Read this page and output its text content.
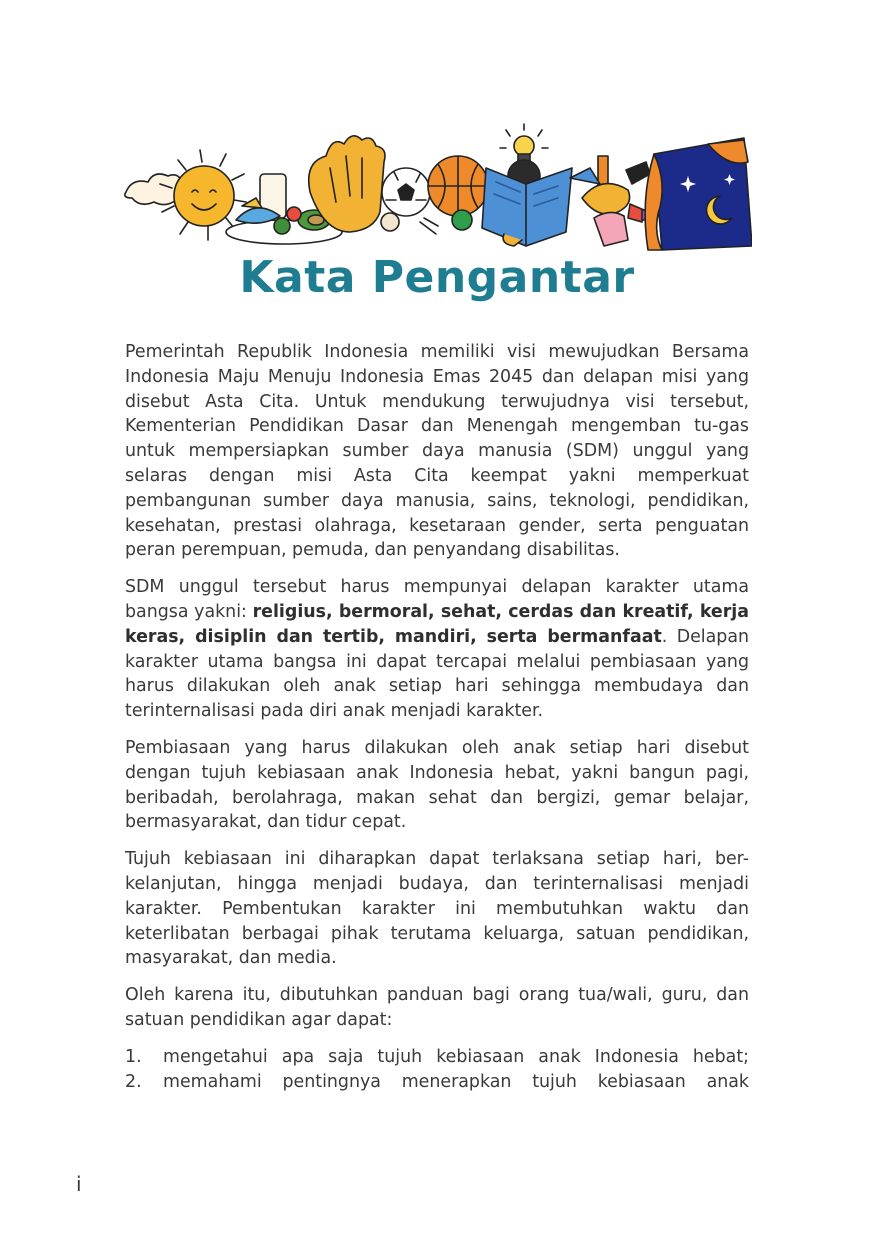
Kata Pengantar

Pemerintah Republik Indonesia memiliki visi mewujudkan Bersama Indonesia Maju Menuju Indonesia Emas 2045 dan delapan misi yang disebut Asta Cita. Untuk mendukung terwujudnya visi tersebut, Kementerian Pendidikan Dasar dan Menengah mengemban tu-gas untuk mempersiapkan sumber daya manusia (SDM) unggul yang selaras dengan misi Asta Cita keempat yakni memperkuat pembangunan sumber daya manusia, sains, teknologi, pendidikan, kesehatan, prestasi olahraga, kesetaraan gender, serta penguatan peran perempuan, pemuda, dan penyandang disabilitas.

SDM unggul tersebut harus mempunyai delapan karakter utama bangsa yakni: religius, bermoral, sehat, cerdas dan kreatif, kerja keras, disiplin dan tertib, mandiri, serta bermanfaat. Delapan karakter utama bangsa ini dapat tercapai melalui pembiasaan yang harus dilakukan oleh anak setiap hari sehingga membudaya dan terinternalisasi pada diri anak menjadi karakter.

Pembiasaan yang harus dilakukan oleh anak setiap hari disebut dengan tujuh kebiasaan anak Indonesia hebat, yakni bangun pagi, beribadah, berolahraga, makan sehat dan bergizi, gemar belajar, bermasyarakat, dan tidur cepat.

Tujuh kebiasaan ini diharapkan dapat terlaksana setiap hari, ber-kelanjutan, hingga menjadi budaya, dan terinternalisasi menjadi karakter. Pembentukan karakter ini membutuhkan waktu dan keterlibatan berbagai pihak terutama keluarga, satuan pendidikan, masyarakat, dan media.

Oleh karena itu, dibutuhkan panduan bagi orang tua/wali, guru, dan satuan pendidikan agar dapat:

1. mengetahui apa saja tujuh kebiasaan anak Indonesia hebat;
2. memahami pentingnya menerapkan tujuh kebiasaan anak
i
